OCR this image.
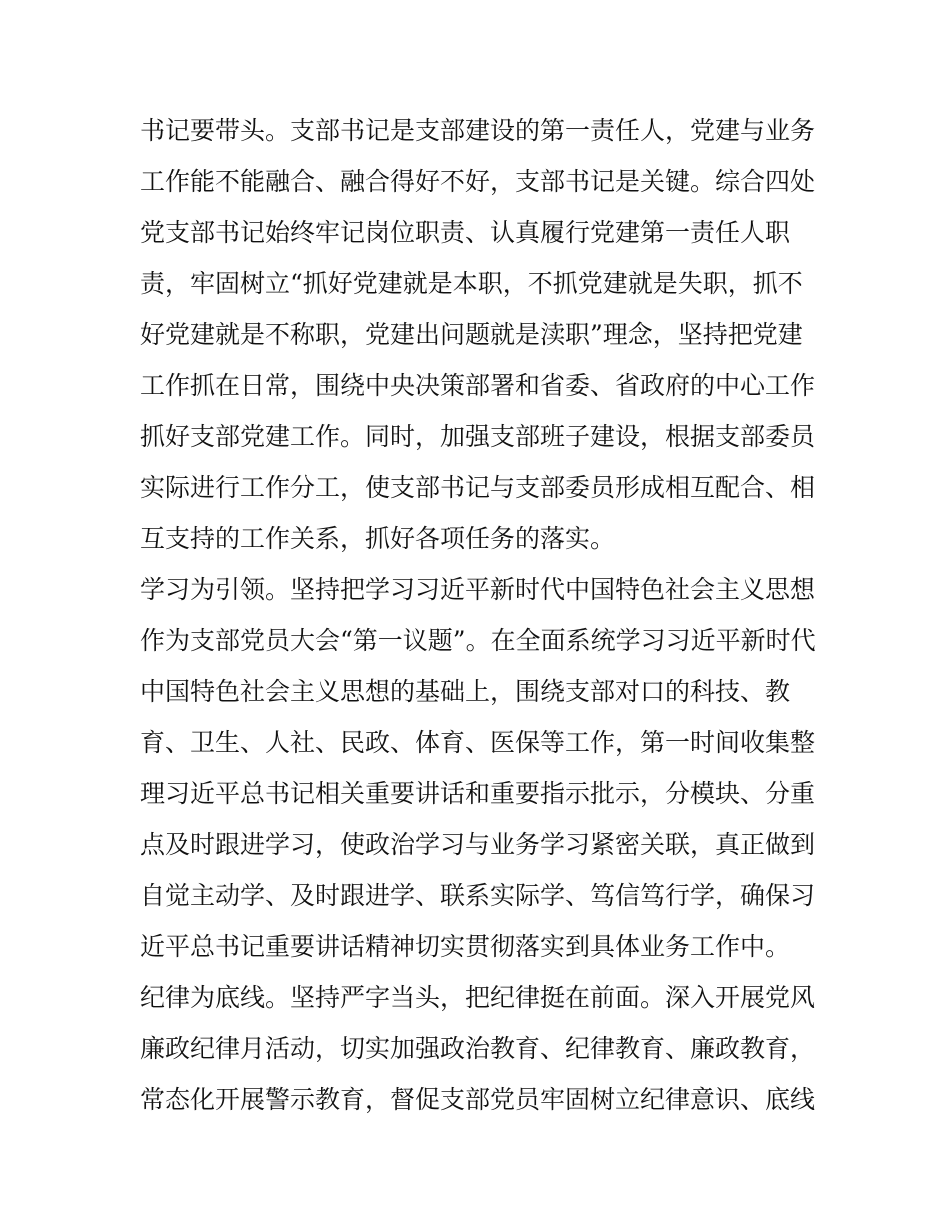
书记要带头。支部书记是支部建设的第一责任人，党建与业务
工作能不能融合、融合得好不好，支部书记是关键。综合四处
党支部书记始终牢记岗位职责、认真履行党建第一责任人职
责，牢固树立“抓好党建就是本职，不抓党建就是失职，抓不
好党建就是不称职，党建出问题就是渎职”理念，坚持把党建
工作抓在日常，围绕中央决策部署和省委、省政府的中心工作
抓好支部党建工作。同时，加强支部班子建设，根据支部委员
实际进行工作分工，使支部书记与支部委员形成相互配合、相
互支持的工作关系，抓好各项任务的落实。
学习为引领。坚持把学习习近平新时代中国特色社会主义思想
作为支部党员大会“第一议题”。在全面系统学习习近平新时代
中国特色社会主义思想的基础上，围绕支部对口的科技、教
育、卫生、人社、民政、体育、医保等工作，第一时间收集整
理习近平总书记相关重要讲话和重要指示批示，分模块、分重
点及时跟进学习，使政治学习与业务学习紧密关联，真正做到
自觉主动学、及时跟进学、联系实际学、笃信笃行学，确保习
近平总书记重要讲话精神切实贯彻落实到具体业务工作中。
纪律为底线。坚持严字当头，把纪律挺在前面。深入开展党风
廉政纪律月活动，切实加强政治教育、纪律教育、廉政教育，
常态化开展警示教育，督促支部党员牢固树立纪律意识、底线
